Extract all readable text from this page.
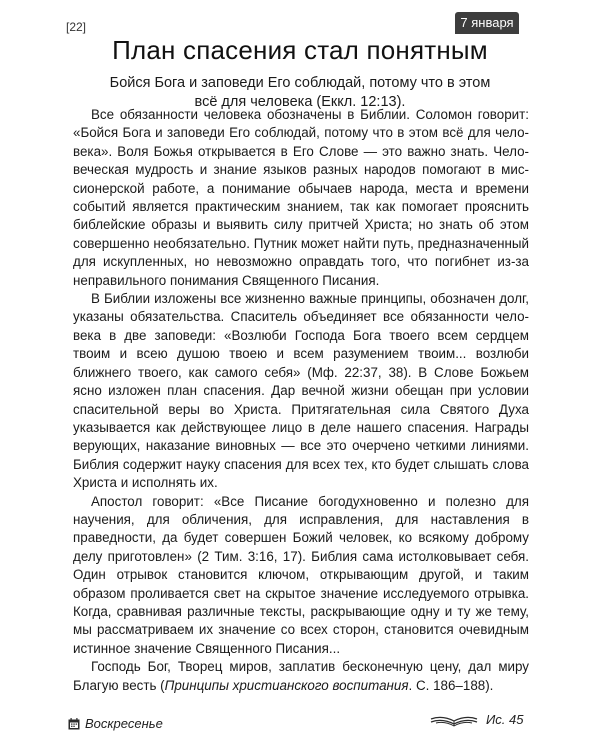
[22]	7 января
План спасения стал понятным
Бойся Бога и заповеди Его соблюдай, потому что в этом всё для человека (Еккл. 12:13).

Все обязанности человека обозначены в Библии. Соломон говорит: «Бойся Бога и заповеди Его соблюдай, потому что в этом всё для человека». Воля Божья открывается в Его Слове — это важно знать. Человеческая мудрость и знание языков разных народов помогают в миссионерской работе, а понимание обычаев народа, места и времени событий является практическим знанием, так как помогает прояснить библейские образы и выявить силу притчей Христа; но знать об этом совершенно необязательно. Путник может найти путь, предназначенный для искупленных, но невозможно оправдать того, что погибнет из-за неправильного понимания Священного Писания.

В Библии изложены все жизненно важные принципы, обозначен долг, указаны обязательства. Спаситель объединяет все обязанности человека в две заповеди: «Возлюби Господа Бога твоего всем сердцем твоим и всею душою твоею и всем разумением твоим... возлюби ближнего твоего, как самого себя» (Мф. 22:37, 38). В Слове Божьем ясно изложен план спасения. Дар вечной жизни обещан при условии спасительной веры во Христа. Притягательная сила Святого Духа указывается как действующее лицо в деле нашего спасения. Награды верующих, наказание виновных — все это очерчено четкими линиями. Библия содержит науку спасения для всех тех, кто будет слышать слова Христа и исполнять их.

Апостол говорит: «Все Писание богодухновенно и полезно для научения, для обличения, для исправления, для наставления в праведности, да будет совершен Божий человек, ко всякому доброму делу приготовлен» (2 Тим. 3:16, 17). Библия сама истолковывает себя. Один отрывок становится ключом, открывающим другой, и таким образом проливается свет на скрытое значение исследуемого отрывка. Когда, сравнивая различные тексты, раскрывающие одну и ту же тему, мы рассматриваем их значение со всех сторон, становится очевидным истинное значение Священного Писания...

Господь Бог, Творец миров, заплатив бесконечную цену, дал миру Благую весть (Принципы христианского воспитания. С. 186–188).

Воскресенье	Ис. 45
